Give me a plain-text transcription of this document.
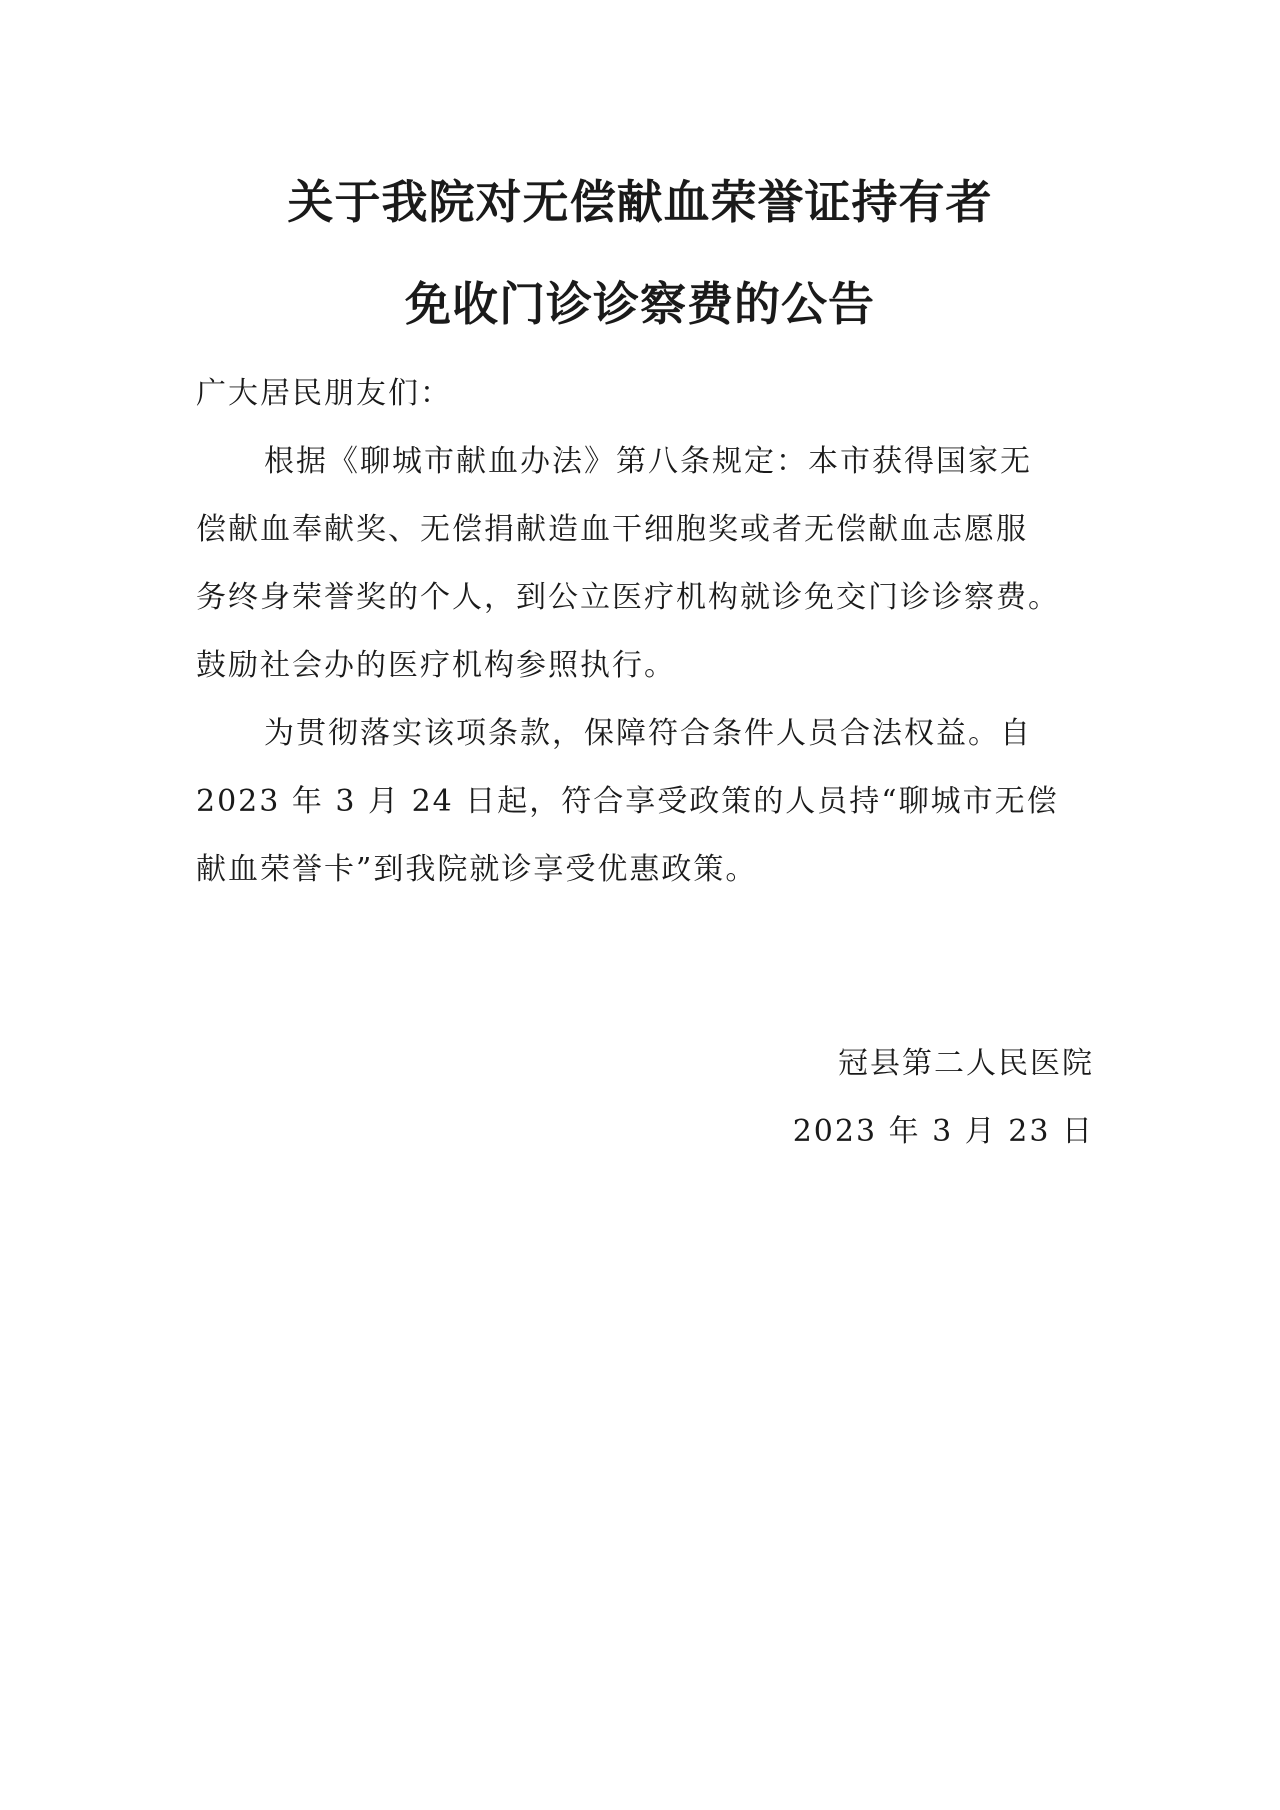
关于我院对无偿献血荣誉证持有者
免收门诊诊察费的公告

广大居民朋友们：

根据《聊城市献血办法》第八条规定：本市获得国家无
偿献血奉献奖、无偿捐献造血干细胞奖或者无偿献血志愿服
务终身荣誉奖的个人，到公立医疗机构就诊免交门诊诊察费。
鼓励社会办的医疗机构参照执行。

为贯彻落实该项条款，保障符合条件人员合法权益。自
2023 年 3 月 24 日起，符合享受政策的人员持“聊城市无偿
献血荣誉卡”到我院就诊享受优惠政策。

冠县第二人民医院
2023 年 3 月 23 日
